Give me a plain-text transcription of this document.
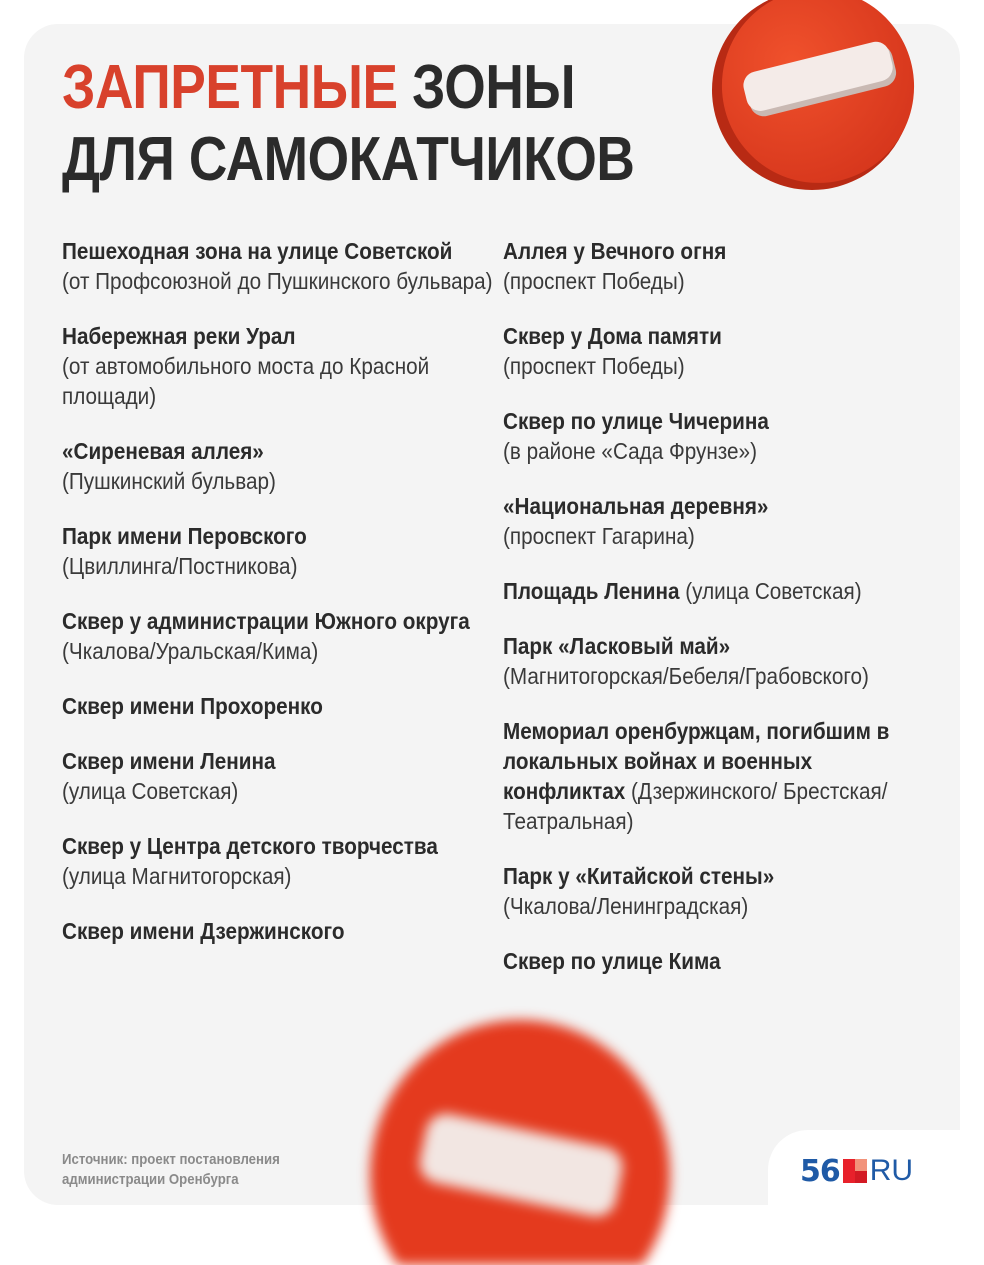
ЗАПРЕТНЫЕ ЗОНЫ
ДЛЯ САМОКАТЧИКОВ
Пешеходная зона на улице Советской
(от Профсоюзной до Пушкинского бульвара)
Набережная реки Урал
(от автомобильного моста до Красной площади)
«Сиреневая аллея»
(Пушкинский бульвар)
Парк имени Перовского
(Цвиллинга/Постникова)
Сквер у администрации Южного округа (Чкалова/Уральская/Кима)
Сквер имени Прохоренко
Сквер имени Ленина
(улица Советская)
Сквер у Центра детского творчества
(улица Магнитогорская)
Сквер имени Дзержинского
Аллея у Вечного огня
(проспект Победы)
Сквер у Дома памяти
(проспект Победы)
Сквер по улице Чичерина
(в районе «Сада Фрунзе»)
«Национальная деревня»
(проспект Гагарина)
Площадь Ленина (улица Советская)
Парк «Ласковый май»
(Магнитогорская/Бебеля/Грабовского)
Мемориал оренбуржцам, погибшим в локальных войнах и военных конфликтах (Дзержинского/ Брестская/Театральная)
Парк у «Китайской стены»
(Чкалова/Ленинградская)
Сквер по улице Кима
Источник: проект постановления
администрации Оренбурга	56 RU
